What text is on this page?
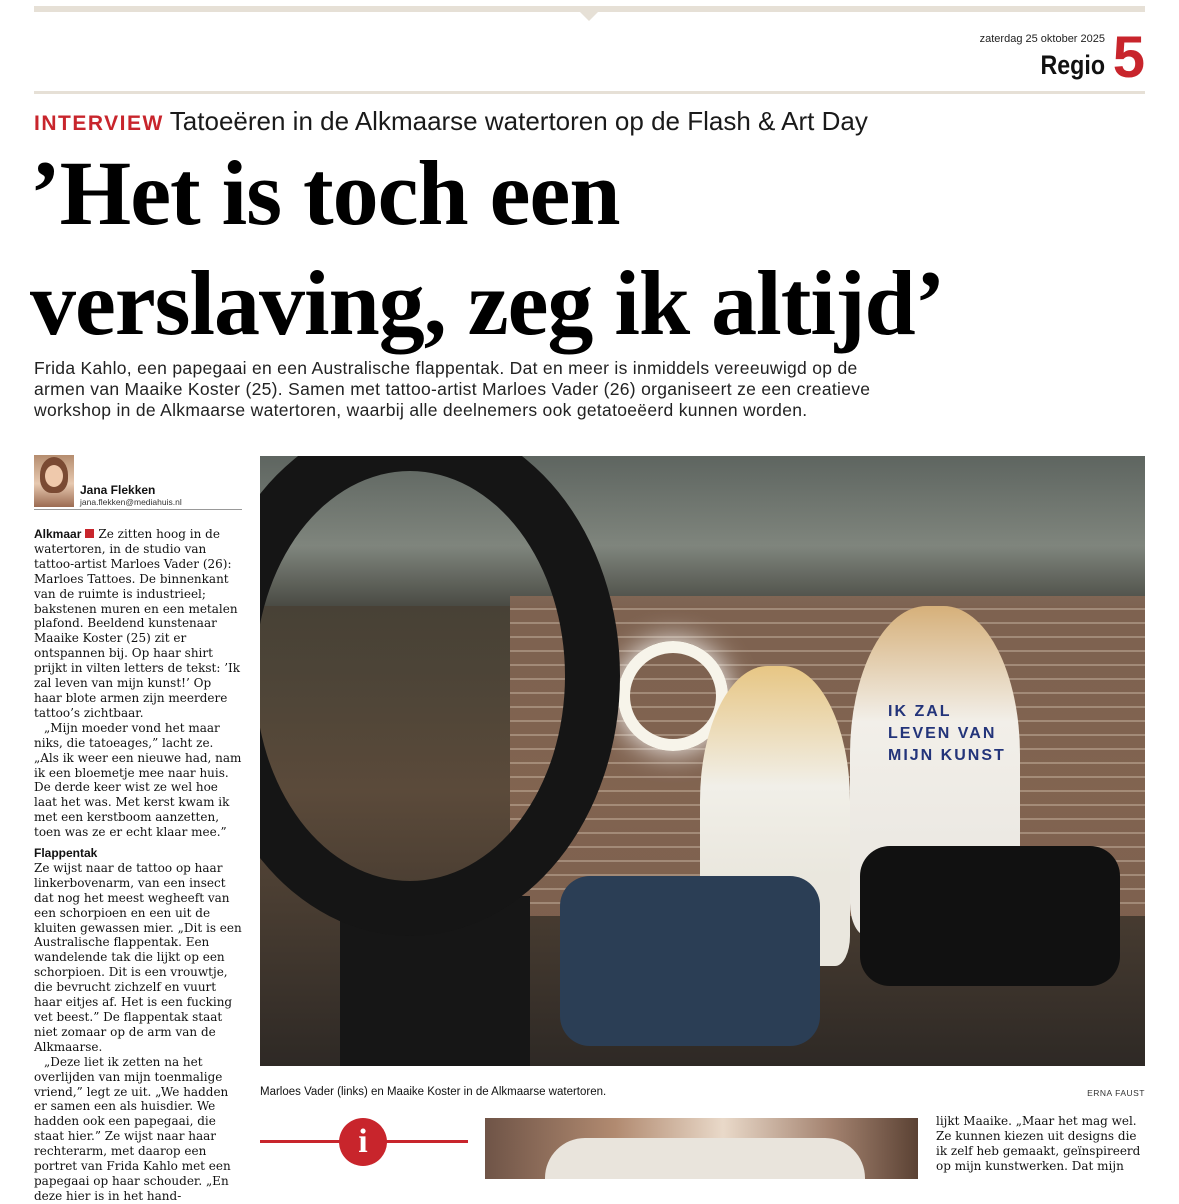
zaterdag 25 oktober 2025
Regio 5
INTERVIEW Tatoeëren in de Alkmaarse watertoren op de Flash & Art Day
’Het is toch een
verslaving, zeg ik altijd’
Frida Kahlo, een papegaai en een Australische flappentak. Dat en meer is inmiddels vereeuwigd op de armen van Maaike Koster (25). Samen met tattoo-artist Marloes Vader (26) organiseert ze een creatieve workshop in de Alkmaarse watertoren, waarbij alle deelnemers ook getatoeëerd kunnen worden.
Jana Flekken
jana.flekken@mediahuis.nl

Alkmaar Ze zitten hoog in de watertoren, in de studio van tattoo-artist Marloes Vader (26): Marloes Tattoes. De binnenkant van de ruimte is industrieel; bakstenen muren en een metalen plafond. Beeldend kunstenaar Maaike Koster (25) zit er ontspannen bij. Op haar shirt prijkt in vilten letters de tekst: ’Ik zal leven van mijn kunst!’ Op haar blote armen zijn meerdere tattoo’s zichtbaar.

„Mijn moeder vond het maar niks, die tatoeages,” lacht ze. „Als ik weer een nieuwe had, nam ik een bloemetje mee naar huis. De derde keer wist ze wel hoe laat het was. Met kerst kwam ik met een kerstboom aanzetten, toen was ze er echt klaar mee.”

Flappentak

Ze wijst naar de tattoo op haar linkerbovenarm, van een insect dat nog het meest wegheeft van een schorpioen en een uit de kluiten gewassen mier. „Dit is een Australische flappentak. Een wandelende tak die lijkt op een schorpioen. Dit is een vrouwtje, die bevrucht zichzelf en vuurt haar eitjes af. Het is een fucking vet beest.” De flappentak staat niet zomaar op de arm van de Alkmaarse.

„Deze liet ik zetten na het overlijden van mijn toenmalige vriend,” legt ze uit. „We hadden er samen een als huisdier. We hadden ook een papegaai, die staat hier.” Ze wijst naar haar rechterarm, met daarop een portret van Frida Kahlo met een papegaai op haar schouder. „En deze hier is in het hand-

IK ZAL LEVEN VAN MIJN KUNST
Marloes Vader (links) en Maaike Koster in de Alkmaarse watertoren.	ERNA FAUST
i

lijkt Maaike. „Maar het mag wel. Ze kunnen kiezen uit designs die ik zelf heb gemaakt, geïnspireerd op mijn kunstwerken. Dat mijn
